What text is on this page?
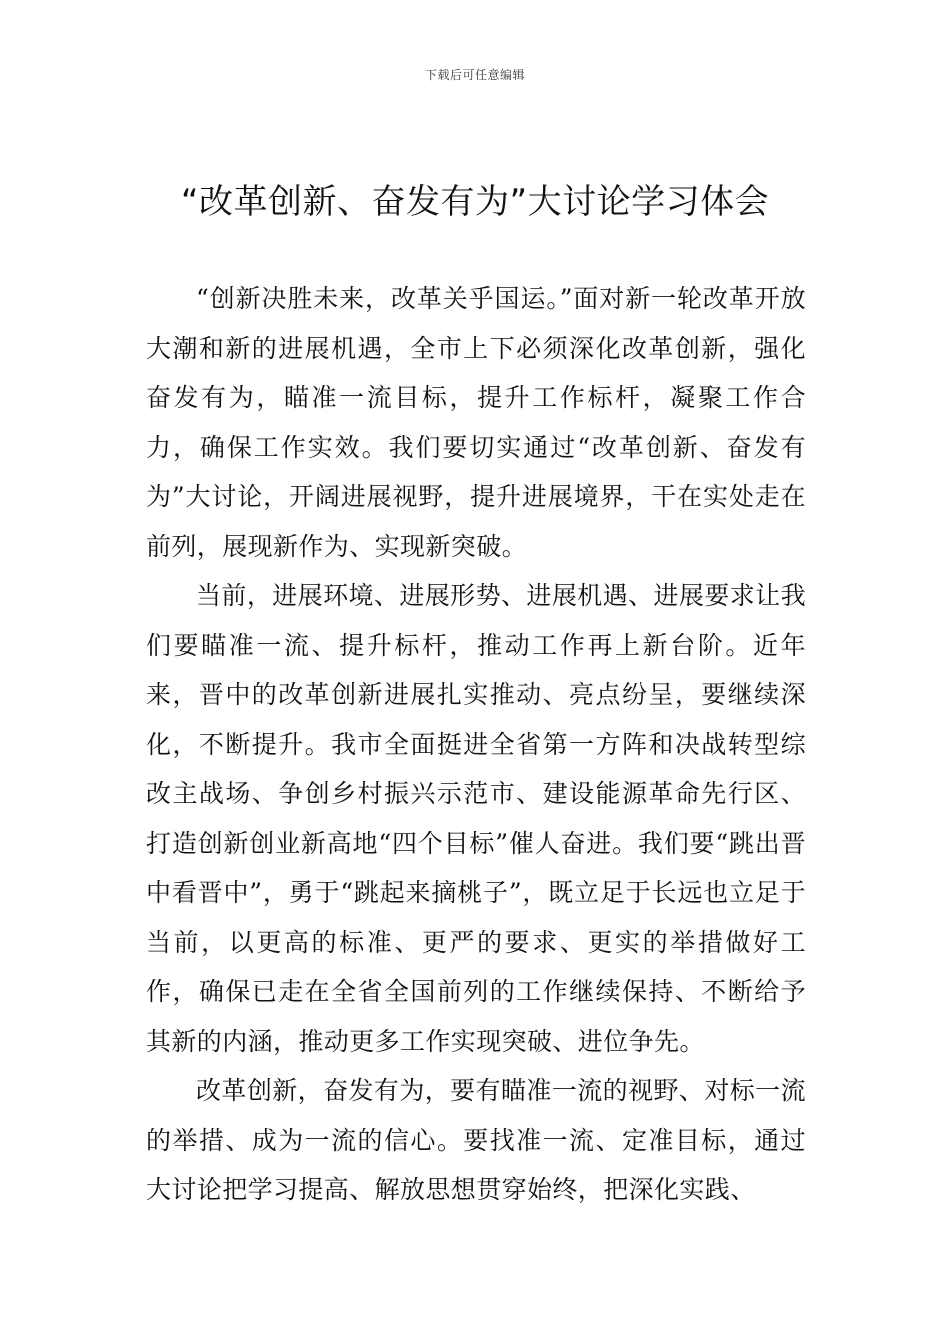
下载后可任意编辑
“改革创新、奋发有为”大讨论学习体会

“创新决胜未来，改革关乎国运。”面对新一轮改革开放大潮和新的进展机遇，全市上下必须深化改革创新，强化奋发有为，瞄准一流目标，提升工作标杆，凝聚工作合力，确保工作实效。我们要切实通过“改革创新、奋发有为”大讨论，开阔进展视野，提升进展境界，干在实处走在前列，展现新作为、实现新突破。

当前，进展环境、进展形势、进展机遇、进展要求让我们要瞄准一流、提升标杆，推动工作再上新台阶。近年来，晋中的改革创新进展扎实推动、亮点纷呈，要继续深化，不断提升。我市全面挺进全省第一方阵和决战转型综改主战场、争创乡村振兴示范市、建设能源革命先行区、打造创新创业新高地“四个目标”催人奋进。我们要“跳出晋中看晋中”，勇于“跳起来摘桃子”，既立足于长远也立足于当前，以更高的标准、更严的要求、更实的举措做好工作，确保已走在全省全国前列的工作继续保持、不断给予其新的内涵，推动更多工作实现突破、进位争先。

改革创新，奋发有为，要有瞄准一流的视野、对标一流的举措、成为一流的信心。要找准一流、定准目标，通过大讨论把学习提高、解放思想贯穿始终，把深化实践、
